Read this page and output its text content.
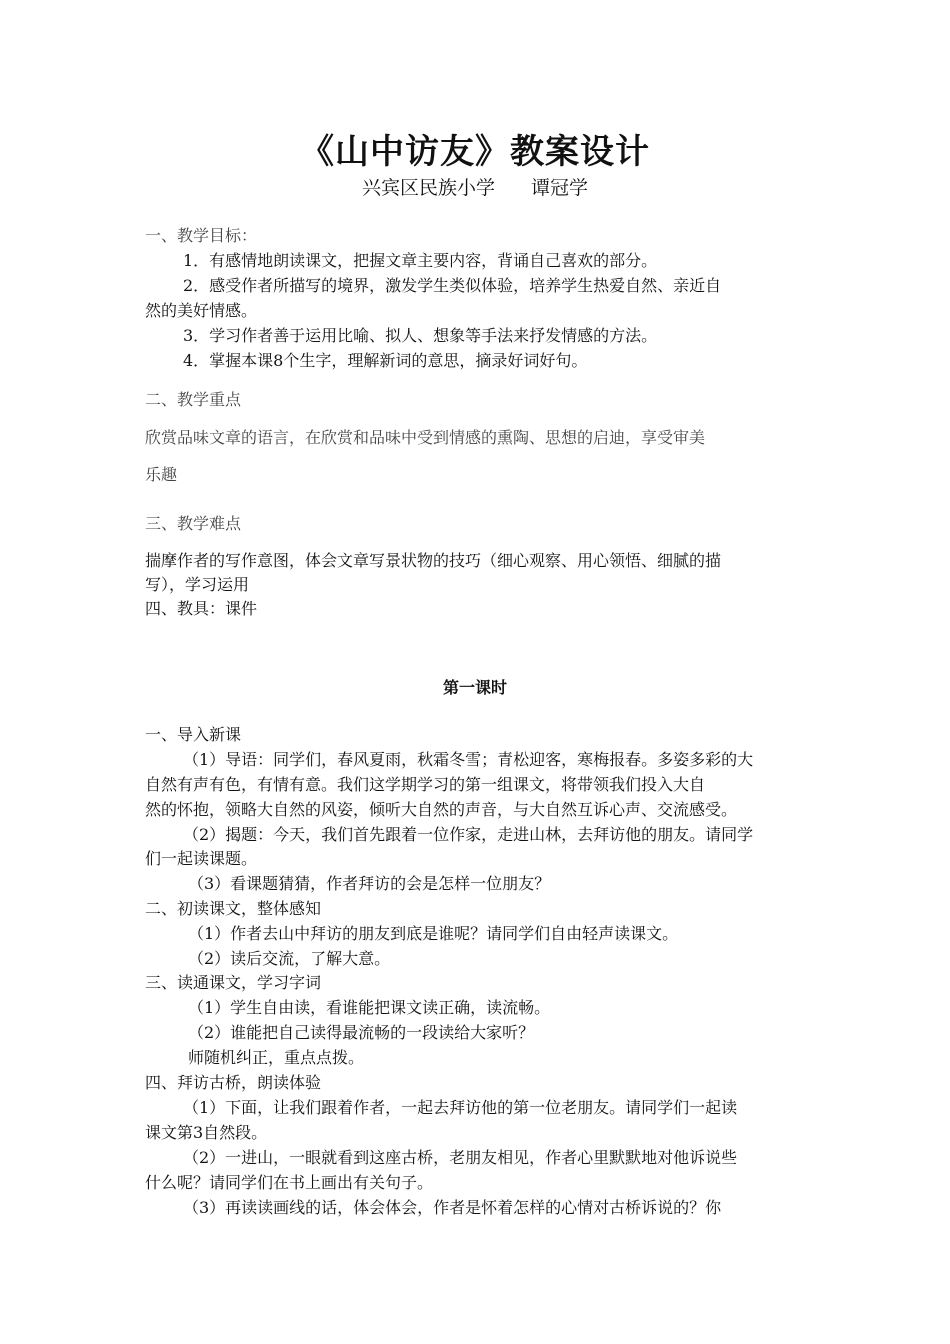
《山中访友》教案设计
兴宾区民族小学 谭冠学
一、教学目标：
1．有感情地朗读课文，把握文章主要内容，背诵自己喜欢的部分。
2．感受作者所描写的境界，激发学生类似体验，培养学生热爱自然、亲近自
然的美好情感。
3．学习作者善于运用比喻、拟人、想象等手法来抒发情感的方法。
4．掌握本课8个生字，理解新词的意思，摘录好词好句。
二、教学重点
欣赏品味文章的语言，在欣赏和品味中受到情感的熏陶、思想的启迪，享受审美
乐趣
三、教学难点
揣摩作者的写作意图，体会文章写景状物的技巧（细心观察、用心领悟、细腻的描
写），学习运用
四、教具：课件
第一课时
一、导入新课
（1）导语：同学们，春风夏雨，秋霜冬雪；青松迎客，寒梅报春。多姿多彩的大
自然有声有色，有情有意。我们这学期学习的第一组课文，将带领我们投入大自
然的怀抱，领略大自然的风姿，倾听大自然的声音，与大自然互诉心声、交流感受。
（2）揭题：今天，我们首先跟着一位作家，走进山林，去拜访他的朋友。请同学
们一起读课题。
（3）看课题猜猜，作者拜访的会是怎样一位朋友？
二、初读课文，整体感知
（1）作者去山中拜访的朋友到底是谁呢？请同学们自由轻声读课文。
（2）读后交流，了解大意。
三、读通课文，学习字词
（1）学生自由读，看谁能把课文读正确，读流畅。
（2）谁能把自己读得最流畅的一段读给大家听？
师随机纠正，重点点拨。
四、拜访古桥，朗读体验
（1）下面，让我们跟着作者，一起去拜访他的第一位老朋友。请同学们一起读
课文第3自然段。
（2）一进山，一眼就看到这座古桥，老朋友相见，作者心里默默地对他诉说些
什么呢？请同学们在书上画出有关句子。
（3）再读读画线的话，体会体会，作者是怀着怎样的心情对古桥诉说的？你
